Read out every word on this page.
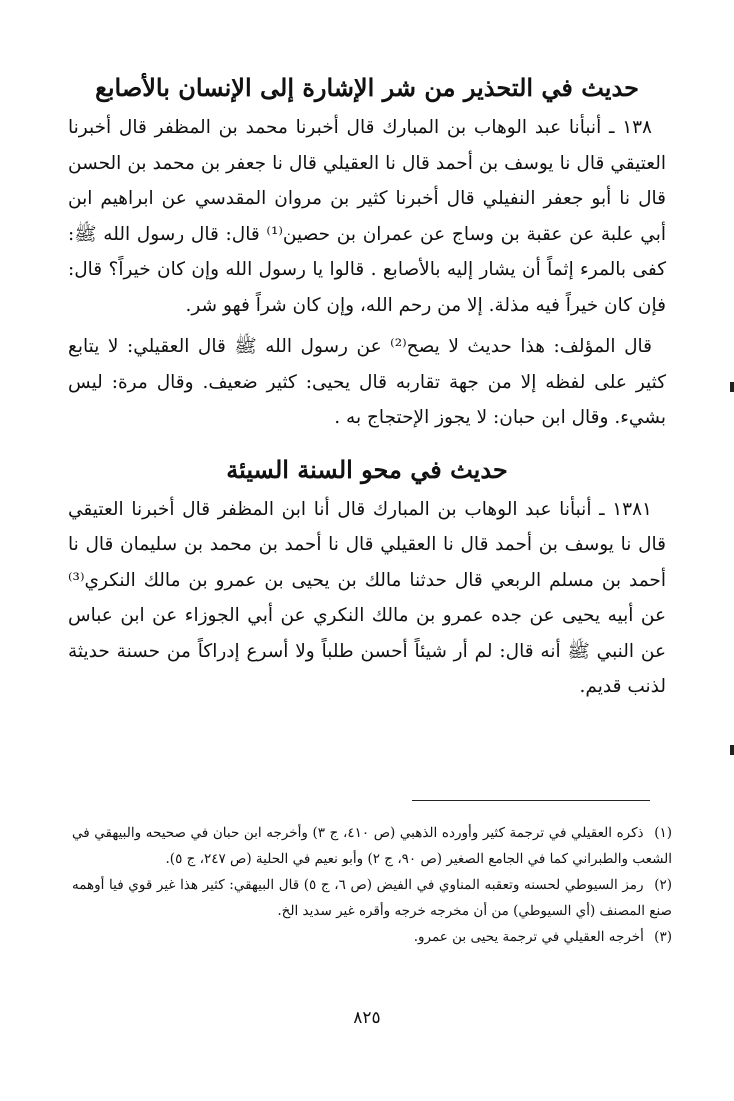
حديث في التحذير من شر الإشارة إلى الإنسان بالأصابع

١٣٨ ـ أنبأنا عبد الوهاب بن المبارك قال أخبرنا محمد بن المظفر قال أخبرنا العتيقي قال نا يوسف بن أحمد قال نا العقيلي قال نا جعفر بن محمد بن الحسن قال نا أبو جعفر النفيلي قال أخبرنا كثير بن مروان المقدسي عن ابراهيم ابن أبي علبة عن عقبة بن وساج عن عمران بن حصين⁽¹⁾ قال: قال رسول الله ﷺ: كفى بالمرء إثماً أن يشار إليه بالأصابع . قالوا يا رسول الله وإن كان خيراً؟ قال: فإن كان خيراً فيه مذلة. إلا من رحم الله، وإن كان شراً فهو شر.

قال المؤلف: هذا حديث لا يصح⁽²⁾ عن رسول الله ﷺ قال العقيلي: لا يتابع كثير على لفظه إلا من جهة تقاربه قال يحيى: كثير ضعيف. وقال مرة: ليس بشيء. وقال ابن حبان: لا يجوز الإحتجاج به .

حديث في محو السنة السيئة

١٣٨١ ـ أنبأنا عبد الوهاب بن المبارك قال أنا ابن المظفر قال أخبرنا العتيقي قال نا يوسف بن أحمد قال نا العقيلي قال نا أحمد بن محمد بن سليمان قال نا أحمد بن مسلم الربعي قال حدثنا مالك بن يحيى بن عمرو بن مالك النكري⁽³⁾ عن أبيه يحيى عن جده عمرو بن مالك النكري عن أبي الجوزاء عن ابن عباس عن النبي ﷺ أنه قال: لم أر شيئاً أحسن طلباً ولا أسرع إدراكاً من حسنة حديثة لذنب قديم.

(١) ذكره العقيلي في ترجمة كثير وأورده الذهبي (ص ٤١٠، ج ٣) وأخرجه ابن حبان في صحيحه والبيهقي في الشعب والطبراني كما في الجامع الصغير (ص ٩٠، ج ٢) وأبو نعيم في الحلية (ص ٢٤٧، ج ٥).

(٢) رمز السيوطي لحسنه وتعقبه المناوي في الفيض (ص ٦، ج ٥) قال البيهقي: كثير هذا غير قوي فيا أوهمه صنع المصنف (أي السيوطي) من أن مخرجه خرجه وأقره غير سديد الخ.

(٣) أخرجه العقيلي في ترجمة يحيى بن عمرو.

٨٢٥
